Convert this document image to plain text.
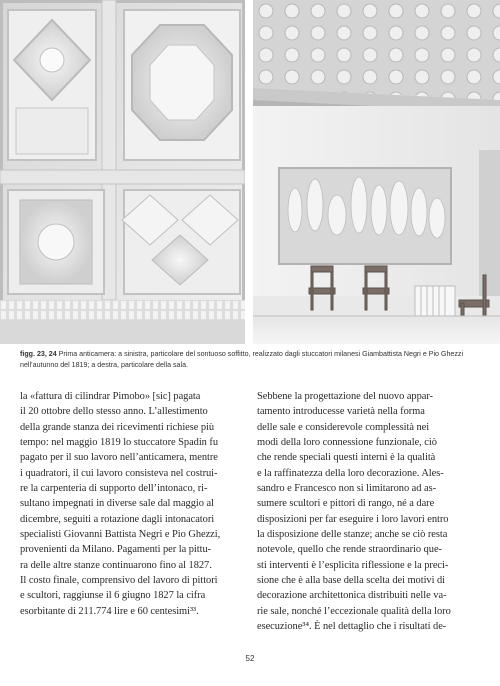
figg. 23, 24 Prima anticamera: a sinistra, particolare del sontuoso soffitto, realizzato dagli stuccatori milanesi Giambattista Negri e Pio Ghezzi nell’autunno del 1819; a destra, particolare della sala.

la «fattura di cilindrar Pimobo» [sic] pagata
il 20 ottobre dello stesso anno. L’allestimento
della grande stanza dei ricevimenti richiese più
tempo: nel maggio 1819 lo stuccatore Spadin fu
pagato per il suo lavoro nell’anticamera, mentre
i quadratori, il cui lavoro consisteva nel costrui-
re la carpenteria di supporto dell’intonaco, ri-
sultano impegnati in diverse sale dal maggio al
dicembre, seguiti a rotazione dagli intonacatori
specialisti Giovanni Battista Negri e Pio Ghezzi,
provenienti da Milano. Pagamenti per la pittu-
ra delle altre stanze continuarono fino al 1827.
Il costo finale, comprensivo del lavoro di pittori
e scultori, raggiunse il 6 giugno 1827 la cifra
esorbitante di 211.774 lire e 60 centesimi³³.

Sebbene la progettazione del nuovo appar-
tamento introducesse varietà nella forma
delle sale e considerevole complessità nei
modi della loro connessione funzionale, ciò
che rende speciali questi interni è la qualità
e la raffinatezza della loro decorazione. Ales-
sandro e Francesco non si limitarono ad as-
sumere scultori e pittori di rango, né a dare
disposizioni per far eseguire i loro lavori entro
la disposizione delle stanze; anche se ciò resta
notevole, quello che rende straordinario que-
sti interventi è l’esplicita riflessione e la preci-
sione che è alla base della scelta dei motivi di
decorazione architettonica distribuiti nelle va-
rie sale, nonché l’eccezionale qualità della loro
esecuzione³⁴. È nel dettaglio che i risultati de-

52
